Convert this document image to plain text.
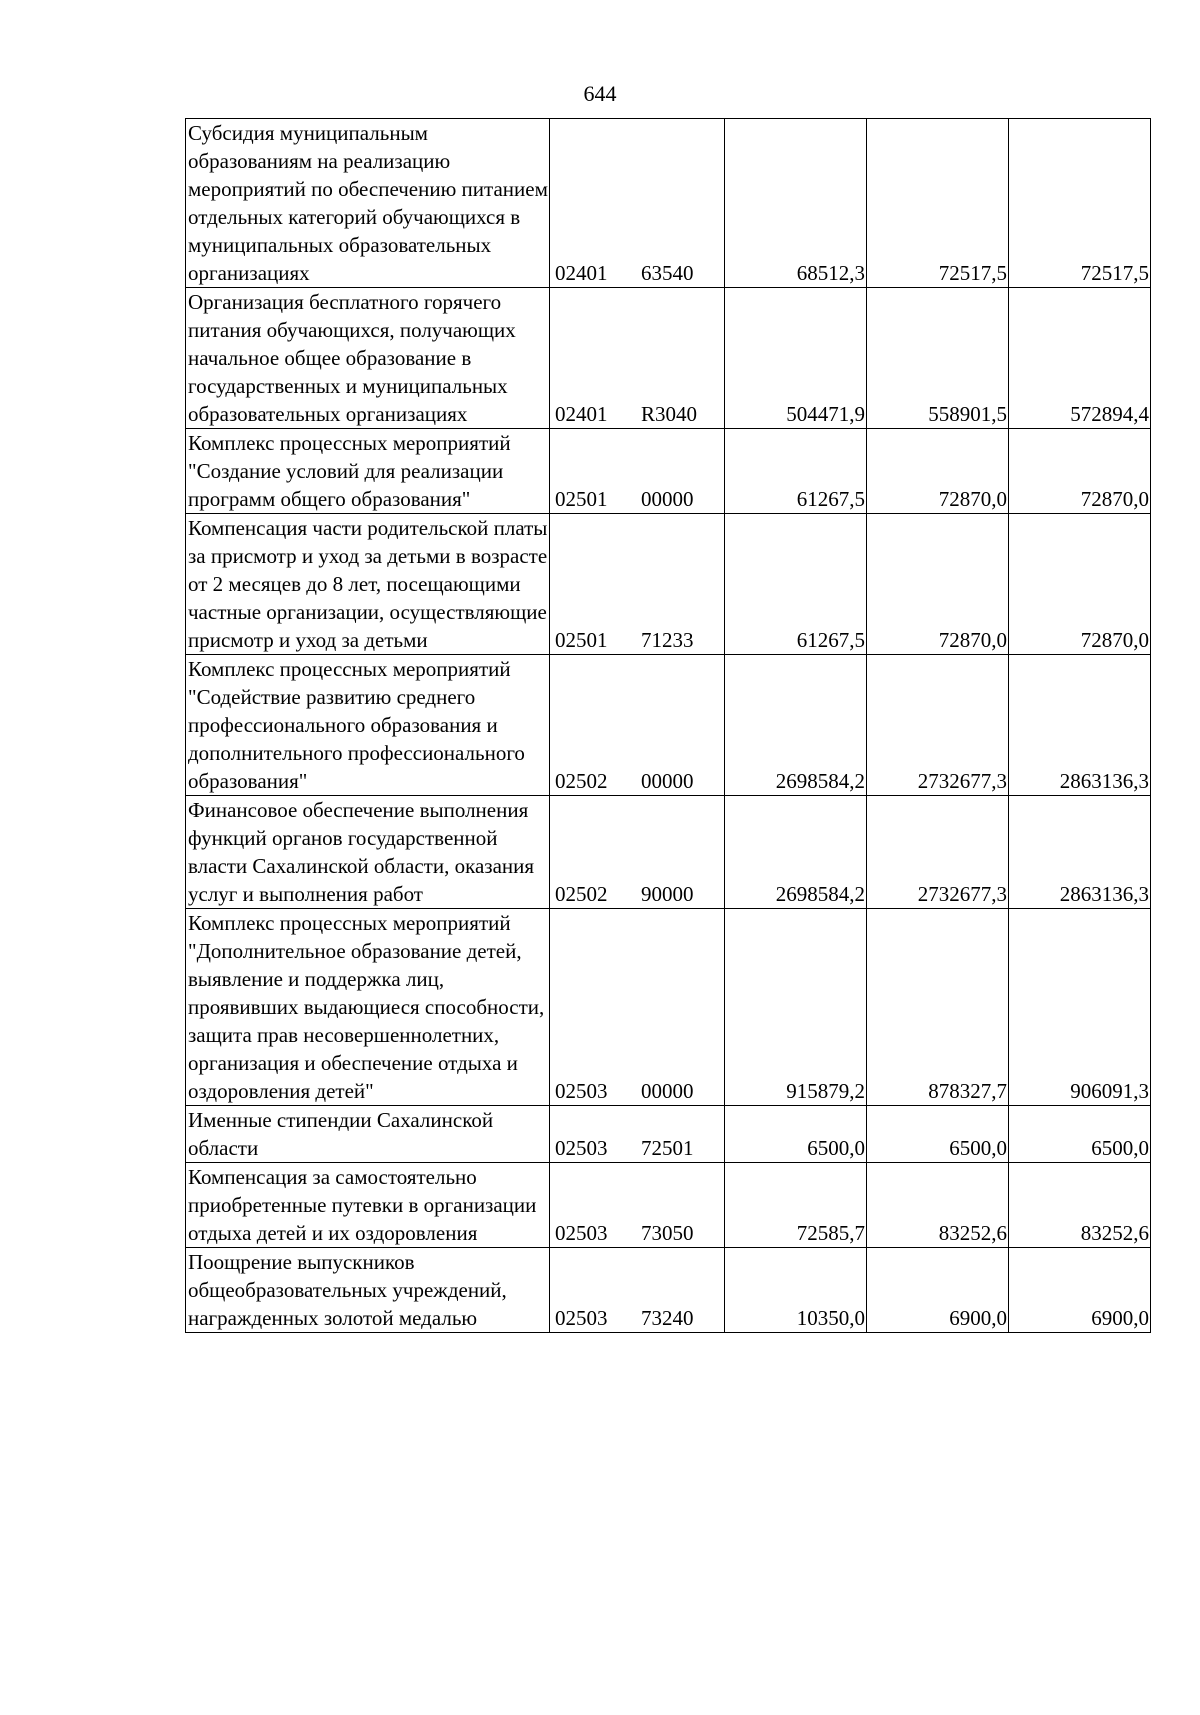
644
Субсидия муниципальным образованиям на реализацию мероприятий по обеспечению питанием отдельных категорий обучающихся в муниципальных образовательных организациях	02401 63540	68512,3	72517,5	72517,5
Организация бесплатного горячего питания обучающихся, получающих начальное общее образование в государственных и муниципальных образовательных организациях	02401 R3040	504471,9	558901,5	572894,4
Комплекс процессных мероприятий "Создание условий для реализации программ общего образования"	02501 00000	61267,5	72870,0	72870,0
Компенсация части родительской платы за присмотр и уход за детьми в возрасте от 2 месяцев до 8 лет, посещающими частные организации, осуществляющие присмотр и уход за детьми	02501 71233	61267,5	72870,0	72870,0
Комплекс процессных мероприятий "Содействие развитию среднего профессионального образования и дополнительного профессионального образования"	02502 00000	2698584,2	2732677,3	2863136,3
Финансовое обеспечение выполнения функций органов государственной власти Сахалинской области, оказания услуг и выполнения работ	02502 90000	2698584,2	2732677,3	2863136,3
Комплекс процессных мероприятий "Дополнительное образование детей, выявление и поддержка лиц, проявивших выдающиеся способности, защита прав несовершеннолетних, организация и обеспечение отдыха и оздоровления детей"	02503 00000	915879,2	878327,7	906091,3
Именные стипендии Сахалинской области	02503 72501	6500,0	6500,0	6500,0
Компенсация за самостоятельно приобретенные путевки в организации отдыха детей и их оздоровления	02503 73050	72585,7	83252,6	83252,6
Поощрение выпускников общеобразовательных учреждений, награжденных золотой медалью	02503 73240	10350,0	6900,0	6900,0
